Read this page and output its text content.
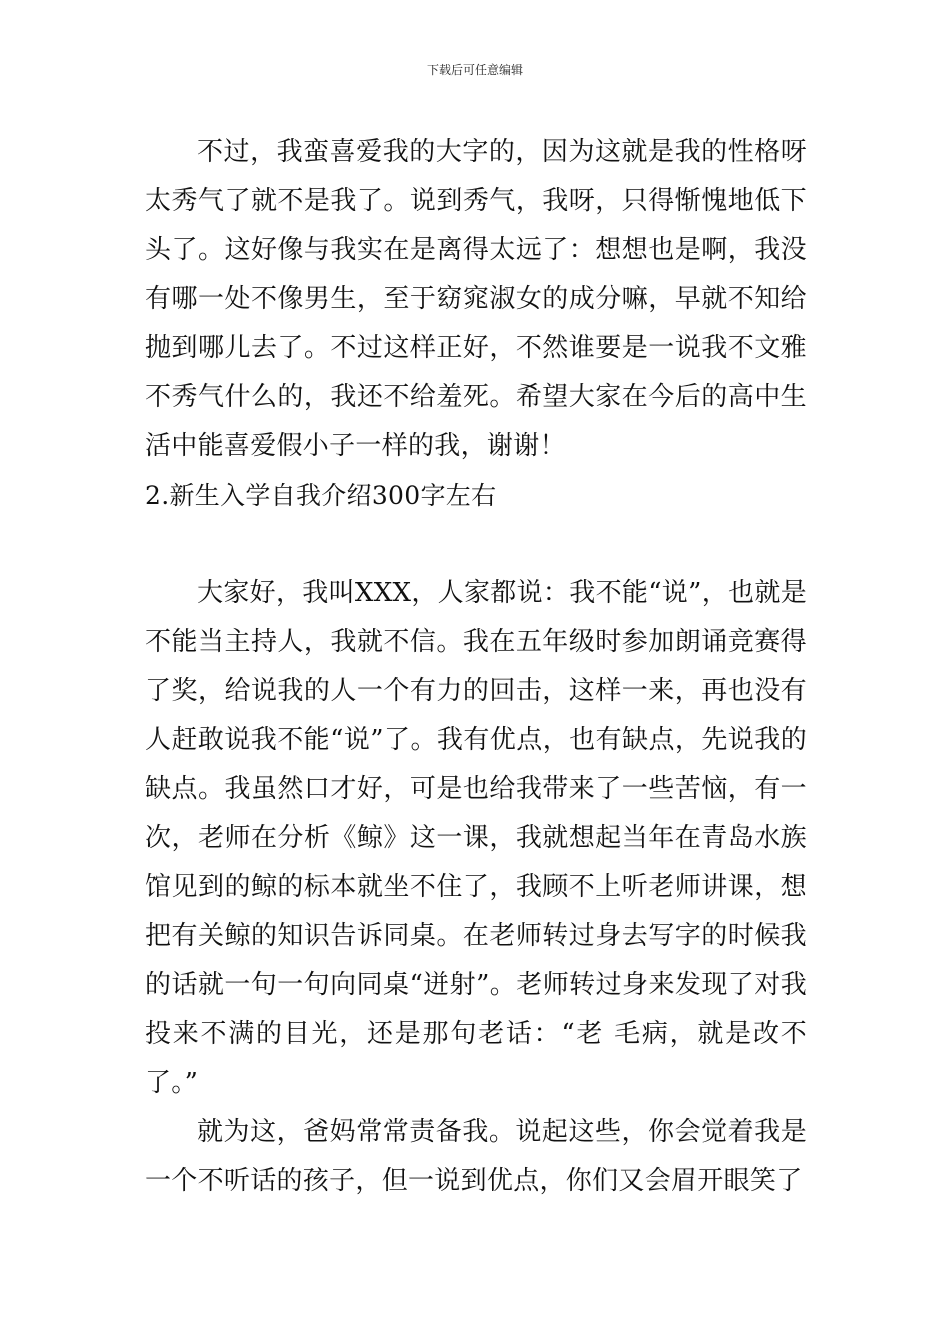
下载后可任意编辑

不过，我蛮喜爱我的大字的，因为这就是我的性格呀太秀气了就不是我了。说到秀气，我呀，只得惭愧地低下头了。这好像与我实在是离得太远了：想想也是啊，我没有哪一处不像男生，至于窈窕淑女的成分嘛，早就不知给抛到哪儿去了。不过这样正好，不然谁要是一说我不文雅不秀气什么的，我还不给羞死。希望大家在今后的高中生活中能喜爱假小子一样的我，谢谢！

2.新生入学自我介绍300字左右

大家好，我叫XXX，人家都说：我不能“说”，也就是不能当主持人，我就不信。我在五年级时参加朗诵竞赛得了奖，给说我的人一个有力的回击，这样一来，再也没有人赶敢说我不能“说”了。我有优点，也有缺点，先说我的缺点。我虽然口才好，可是也给我带来了一些苦恼，有一次，老师在分析《鲸》这一课，我就想起当年在青岛水族馆见到的鲸的标本就坐不住了，我顾不上听老师讲课，想把有关鲸的知识告诉同桌。在老师转过身去写字的时候我的话就一句一句向同桌“迸射”。老师转过身来发现了对我投来不满的目光，还是那句老话：“老 毛病，就是改不了。”

就为这，爸妈常常责备我。说起这些，你会觉着我是一个不听话的孩子，但一说到优点，你们又会眉开眼笑了
